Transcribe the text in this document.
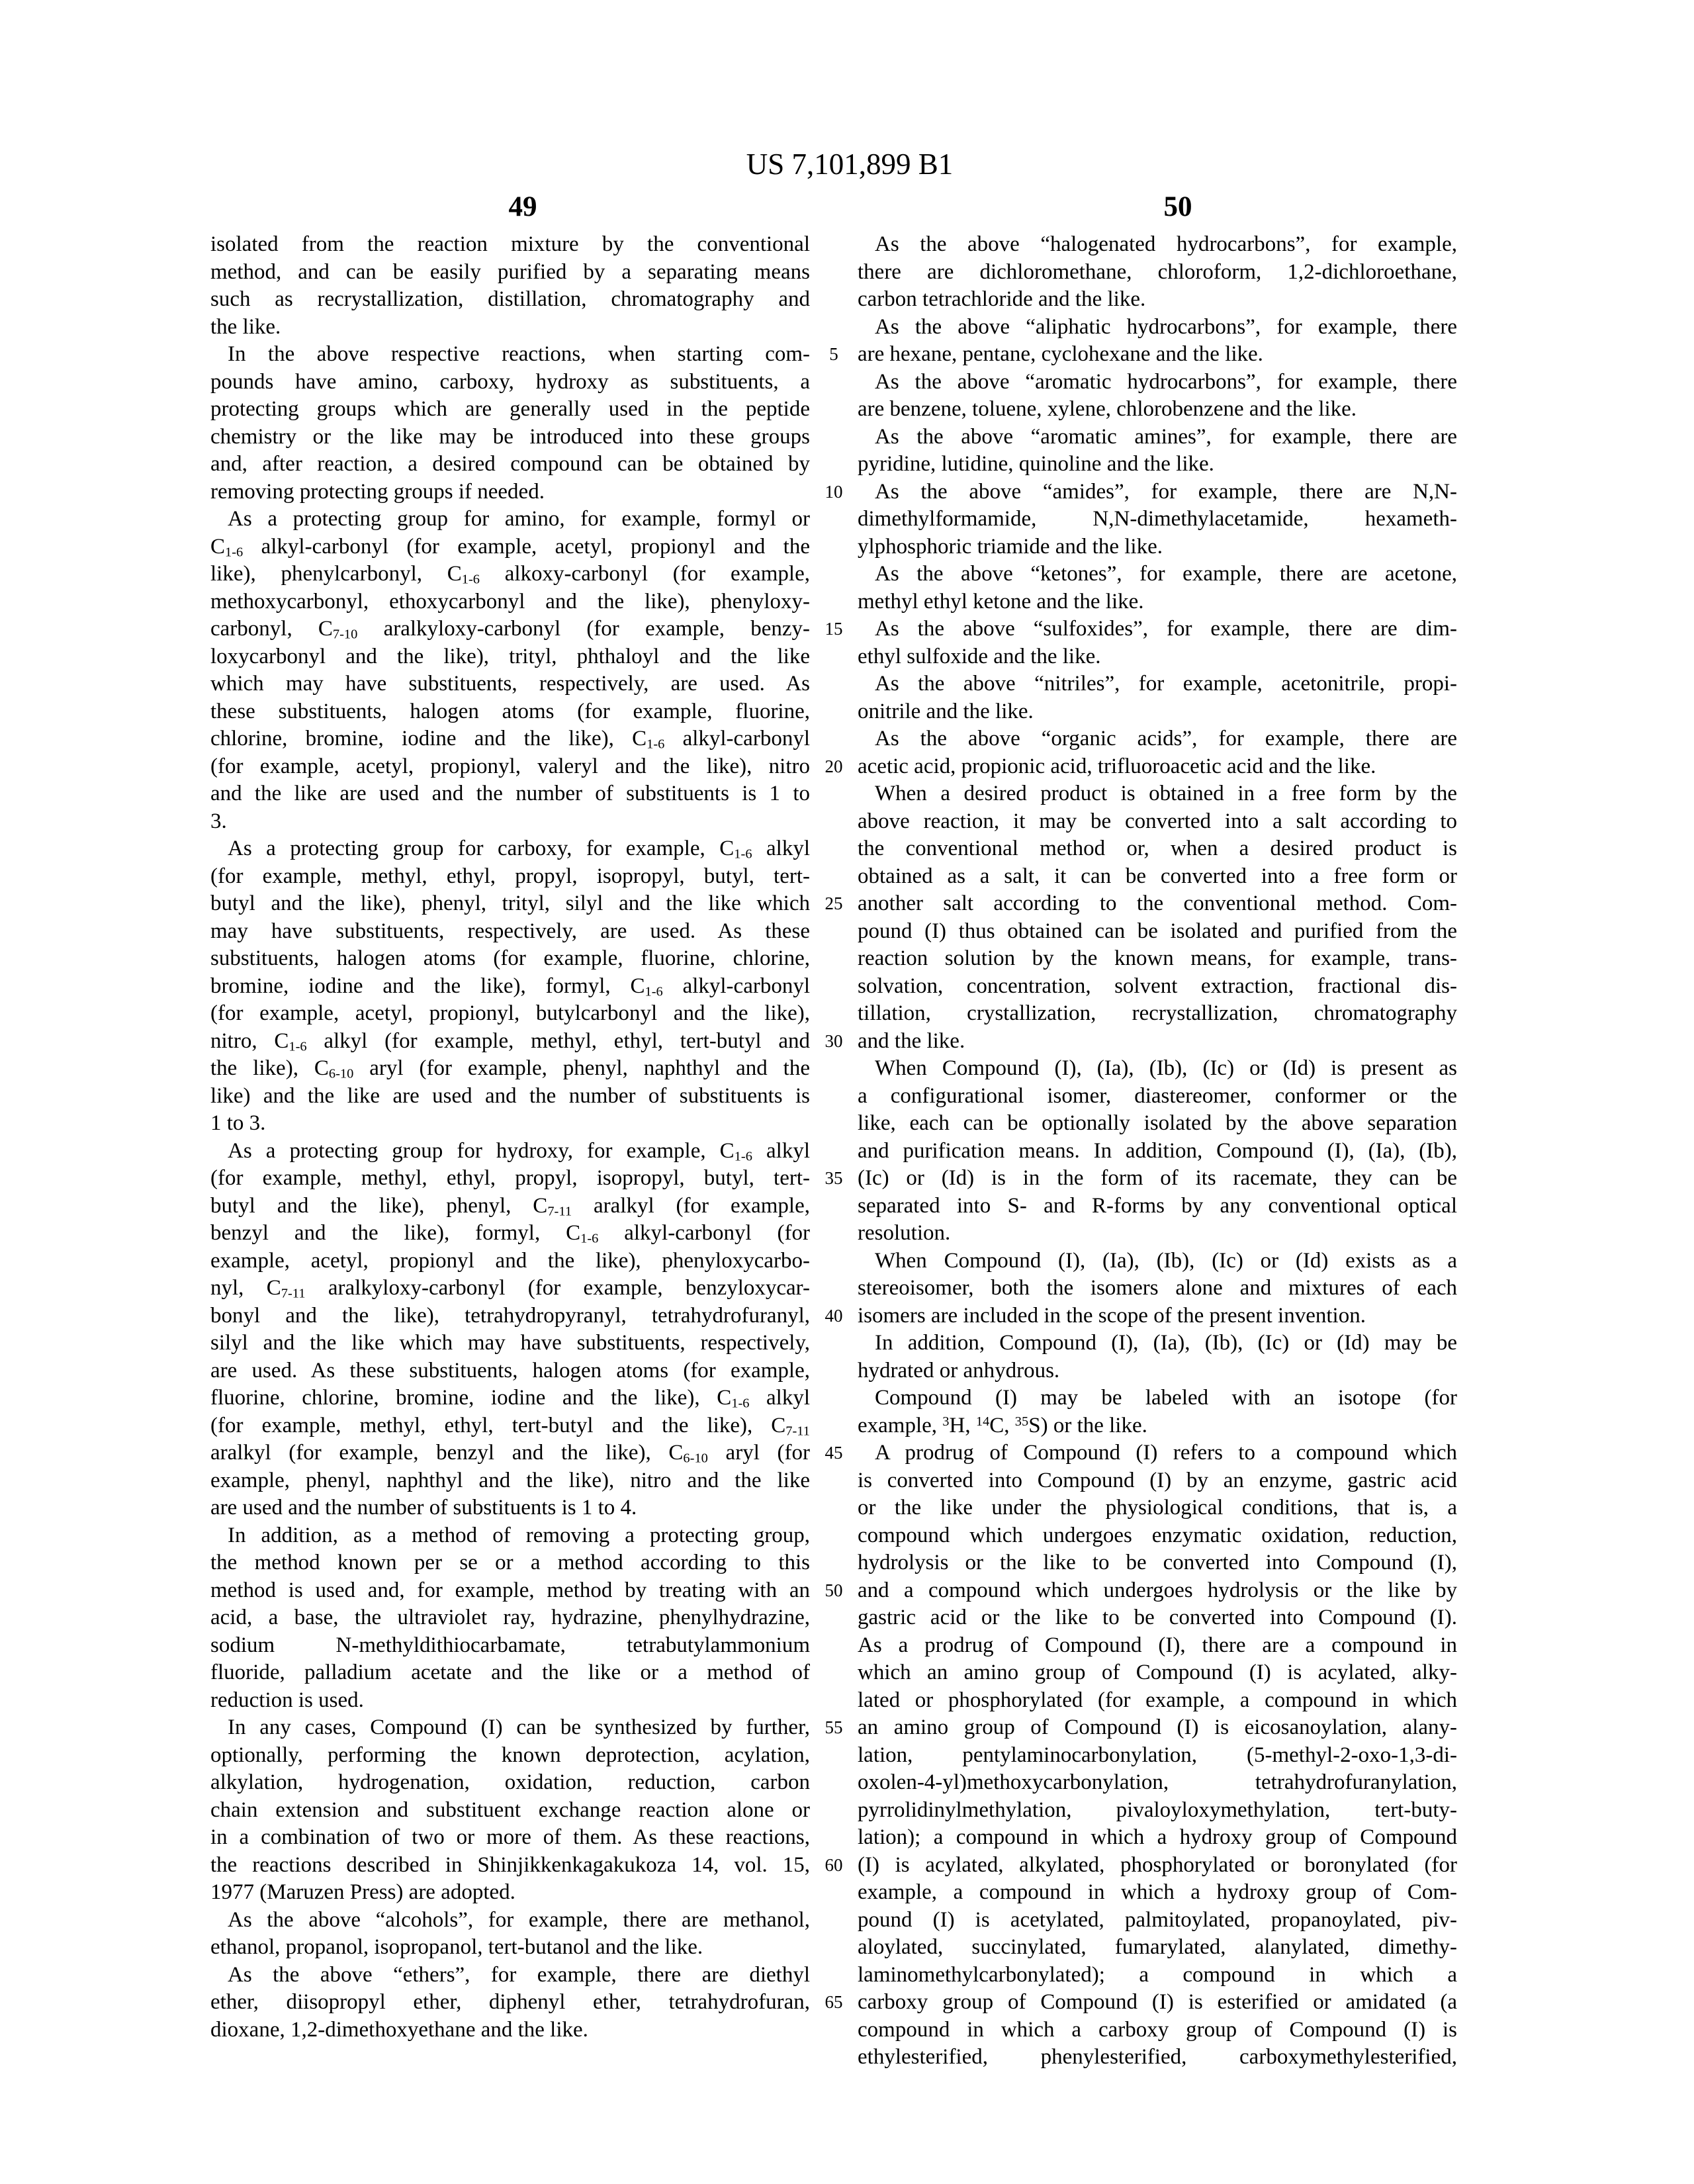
US 7,101,899 B1
49	50
isolated from the reaction mixture by the conventional
method, and can be easily purified by a separating means
such as recrystallization, distillation, chromatography and
the like.
In the above respective reactions, when starting com-
pounds have amino, carboxy, hydroxy as substituents, a
protecting groups which are generally used in the peptide
chemistry or the like may be introduced into these groups
and, after reaction, a desired compound can be obtained by
removing protecting groups if needed.
As a protecting group for amino, for example, formyl or
$C_{1-6}$ alkyl-carbonyl (for example, acetyl, propionyl and the
like), phenylcarbonyl, $C_{1-6}$ alkoxy-carbonyl (for example,
methoxycarbonyl, ethoxycarbonyl and the like), phenyloxy-
carbonyl, $C_{7-10}$ aralkyloxy-carbonyl (for example, benzy-
loxycarbonyl and the like), trityl, phthaloyl and the like
which may have substituents, respectively, are used. As
these substituents, halogen atoms (for example, fluorine,
chlorine, bromine, iodine and the like), $C_{1-6}$ alkyl-carbonyl
(for example, acetyl, propionyl, valeryl and the like), nitro
and the like are used and the number of substituents is 1 to
3.
As a protecting group for carboxy, for example, $C_{1-6}$ alkyl
(for example, methyl, ethyl, propyl, isopropyl, butyl, tert-
butyl and the like), phenyl, trityl, silyl and the like which
may have substituents, respectively, are used. As these
substituents, halogen atoms (for example, fluorine, chlorine,
bromine, iodine and the like), formyl, $C_{1-6}$ alkyl-carbonyl
(for example, acetyl, propionyl, butylcarbonyl and the like),
nitro, $C_{1-6}$ alkyl (for example, methyl, ethyl, tert-butyl and
the like), $C_{6-10}$ aryl (for example, phenyl, naphthyl and the
like) and the like are used and the number of substituents is
1 to 3.
As a protecting group for hydroxy, for example, $C_{1-6}$ alkyl
(for example, methyl, ethyl, propyl, isopropyl, butyl, tert-
butyl and the like), phenyl, $C_{7-11}$ aralkyl (for example,
benzyl and the like), formyl, $C_{1-6}$ alkyl-carbonyl (for
example, acetyl, propionyl and the like), phenyloxycarbo-
nyl, $C_{7-11}$ aralkyloxy-carbonyl (for example, benzyloxycar-
bonyl and the like), tetrahydropyranyl, tetrahydrofuranyl,
silyl and the like which may have substituents, respectively,
are used. As these substituents, halogen atoms (for example,
fluorine, chlorine, bromine, iodine and the like), $C_{1-6}$ alkyl
(for example, methyl, ethyl, tert-butyl and the like), $C_{7-11}$
aralkyl (for example, benzyl and the like), $C_{6-10}$ aryl (for
example, phenyl, naphthyl and the like), nitro and the like
are used and the number of substituents is 1 to 4.
In addition, as a method of removing a protecting group,
the method known per se or a method according to this
method is used and, for example, method by treating with an
acid, a base, the ultraviolet ray, hydrazine, phenylhydrazine,
sodium N-methyldithiocarbamate, tetrabutylammonium
fluoride, palladium acetate and the like or a method of
reduction is used.
In any cases, Compound (I) can be synthesized by further,
optionally, performing the known deprotection, acylation,
alkylation, hydrogenation, oxidation, reduction, carbon
chain extension and substituent exchange reaction alone or
in a combination of two or more of them. As these reactions,
the reactions described in Shinjikkenkagakukoza 14, vol. 15,
1977 (Maruzen Press) are adopted.
As the above “alcohols”, for example, there are methanol,
ethanol, propanol, isopropanol, tert-butanol and the like.
As the above “ethers”, for example, there are diethyl
ether, diisopropyl ether, diphenyl ether, tetrahydrofuran,
dioxane, 1,2-dimethoxyethane and the like.
As the above “halogenated hydrocarbons”, for example,
there are dichloromethane, chloroform, 1,2-dichloroethane,
carbon tetrachloride and the like.
As the above “aliphatic hydrocarbons”, for example, there
are hexane, pentane, cyclohexane and the like.
As the above “aromatic hydrocarbons”, for example, there
are benzene, toluene, xylene, chlorobenzene and the like.
As the above “aromatic amines”, for example, there are
pyridine, lutidine, quinoline and the like.
As the above “amides”, for example, there are N,N-
dimethylformamide, N,N-dimethylacetamide, hexameth-
ylphosphoric triamide and the like.
As the above “ketones”, for example, there are acetone,
methyl ethyl ketone and the like.
As the above “sulfoxides”, for example, there are dim-
ethyl sulfoxide and the like.
As the above “nitriles”, for example, acetonitrile, propi-
onitrile and the like.
As the above “organic acids”, for example, there are
acetic acid, propionic acid, trifluoroacetic acid and the like.
When a desired product is obtained in a free form by the
above reaction, it may be converted into a salt according to
the conventional method or, when a desired product is
obtained as a salt, it can be converted into a free form or
another salt according to the conventional method. Com-
pound (I) thus obtained can be isolated and purified from the
reaction solution by the known means, for example, trans-
solvation, concentration, solvent extraction, fractional dis-
tillation, crystallization, recrystallization, chromatography
and the like.
When Compound (I), (Ia), (Ib), (Ic) or (Id) is present as
a configurational isomer, diastereomer, conformer or the
like, each can be optionally isolated by the above separation
and purification means. In addition, Compound (I), (Ia), (Ib),
(Ic) or (Id) is in the form of its racemate, they can be
separated into S- and R-forms by any conventional optical
resolution.
When Compound (I), (Ia), (Ib), (Ic) or (Id) exists as a
stereoisomer, both the isomers alone and mixtures of each
isomers are included in the scope of the present invention.
In addition, Compound (I), (Ia), (Ib), (Ic) or (Id) may be
hydrated or anhydrous.
Compound (I) may be labeled with an isotope (for
example, $^3$H, $^{14}$C, $^{35}$S) or the like.
A prodrug of Compound (I) refers to a compound which
is converted into Compound (I) by an enzyme, gastric acid
or the like under the physiological conditions, that is, a
compound which undergoes enzymatic oxidation, reduction,
hydrolysis or the like to be converted into Compound (I),
and a compound which undergoes hydrolysis or the like by
gastric acid or the like to be converted into Compound (I).
As a prodrug of Compound (I), there are a compound in
which an amino group of Compound (I) is acylated, alky-
lated or phosphorylated (for example, a compound in which
an amino group of Compound (I) is eicosanoylation, alany-
lation, pentylaminocarbonylation, (5-methyl-2-oxo-1,3-di-
oxolen-4-yl)methoxycarbonylation, tetrahydrofuranylation,
pyrrolidinylmethylation, pivaloyloxymethylation, tert-buty-
lation); a compound in which a hydroxy group of Compound
(I) is acylated, alkylated, phosphorylated or boronylated (for
example, a compound in which a hydroxy group of Com-
pound (I) is acetylated, palmitoylated, propanoylated, piv-
aloylated, succinylated, fumarylated, alanylated, dimethy-
laminomethylcarbonylated); a compound in which a
carboxy group of Compound (I) is esterified or amidated (a
compound in which a carboxy group of Compound (I) is
ethylesterified, phenylesterified, carboxymethylesterified,
5
10
15
20
25
30
35
40
45
50
55
60
65
